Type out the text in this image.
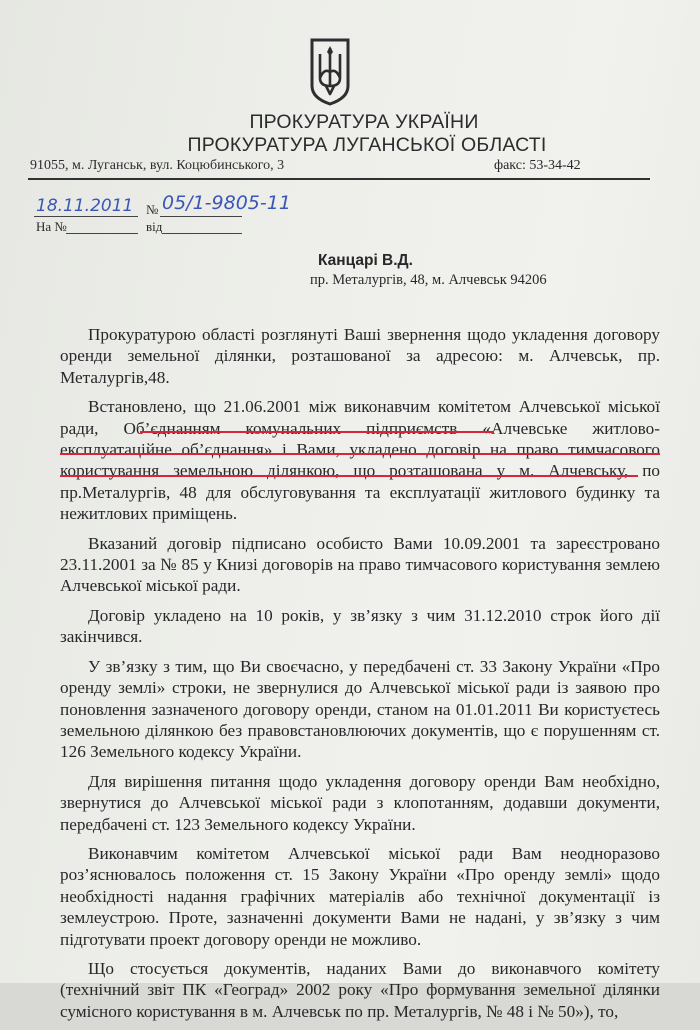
ПРОКУРАТУРА УКРАЇНИ
ПРОКУРАТУРА ЛУГАНСЬКОЇ ОБЛАСТІ
91055, м. Луганськ, вул. Коцюбинського, 3	факс: 53-34-42
18.11.2011 № 05/1-9805-11
На №	від
Канцарі В.Д.
пр. Металургів, 48, м. Алчевськ 94206

Прокуратурою області розглянуті Ваші звернення щодо укладення договору оренди земельної ділянки, розташованої за адресою: м. Алчевськ, пр. Металургів,48.

Встановлено, що 21.06.2001 між виконавчим комітетом Алчевської міської ради, Об’єднанням комунальних підприємств «Алчевське житлово-експлуатаційне об’єднання» і Вами, укладено договір на право тимчасового користування земельною ділянкою, що розташована у м. Алчевську, по пр.Металургів, 48 для обслуговування та експлуатації житлового будинку та нежитлових приміщень.

Вказаний договір підписано особисто Вами 10.09.2001 та зареєстровано 23.11.2001 за № 85 у Книзі договорів на право тимчасового користування землею Алчевської міської ради.

Договір укладено на 10 років, у зв’язку з чим 31.12.2010 строк його дії закінчився.

У зв’язку з тим, що Ви своєчасно, у передбачені ст. 33 Закону України «Про оренду землі» строки, не звернулися до Алчевської міської ради із заявою про поновлення зазначеного договору оренди, станом на 01.01.2011 Ви користуєтесь земельною ділянкою без правовстановлюючих документів, що є порушенням ст. 126 Земельного кодексу України.

Для вирішення питання щодо укладення договору оренди Вам необхідно, звернутися до Алчевської міської ради з клопотанням, додавши документи, передбачені ст. 123 Земельного кодексу України.

Виконавчим комітетом Алчевської міської ради Вам неодноразово роз’яснювалось положення ст. 15 Закону України «Про оренду землі» щодо необхідності надання графічних матеріалів або технічної документації із землеустрою. Проте, зазначенні документи Вами не надані, у зв’язку з чим підготувати проект договору оренди не можливо.

Що стосується документів, наданих Вами до виконавчого комітету (технічний звіт ПК «Геоград» 2002 року «Про формування земельної ділянки сумісного користування в м. Алчевськ по пр. Металургів, № 48 і № 50»), то,
